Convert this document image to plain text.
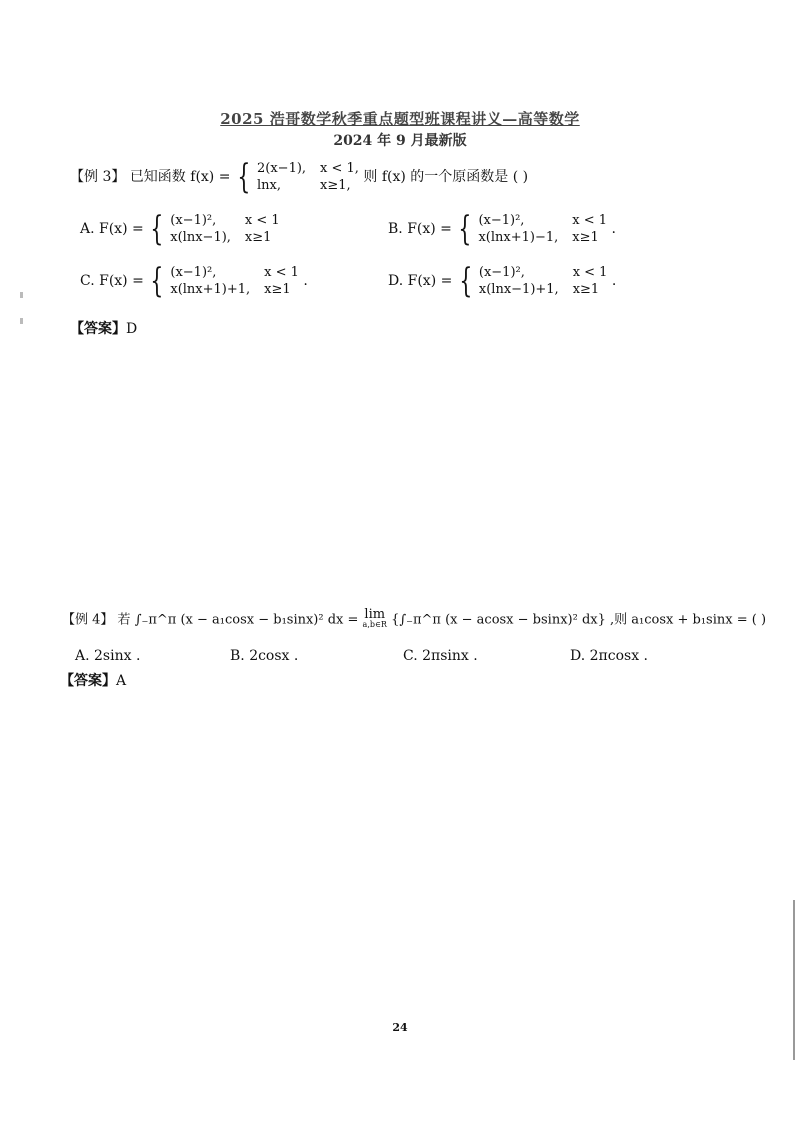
2025 浩哥数学秋季重点题型班课程讲义—高等数学
2024 年 9 月最新版
【例 3】 已知函数 f(x) = { 2(x−1), x < 1,
lnx,	x≥1,
则 f(x) 的一个原函数是 ( )
A. F(x) = { (x−1)²,	x < 1
x(lnx−1), x≥1
B. F(x) = { (x−1)²,	x < 1
x(lnx+1)−1, x≥1
.
C. F(x) = { (x−1)²,	x < 1
x(lnx+1)+1, x≥1
.	D. F(x) = { (x−1)²,	x < 1
x(lnx−1)+1, x≥1
.
【答案】D
【例 4】 若 ∫₋π^π (x − a₁cosx − b₁sinx)² dx = lim
a,b∈R {∫₋π^π (x − acosx − bsinx)² dx} ,则 a₁cosx + b₁sinx = ( )
A. 2sinx .	B. 2cosx .	C. 2πsinx .	D. 2πcosx .
【答案】A
24
